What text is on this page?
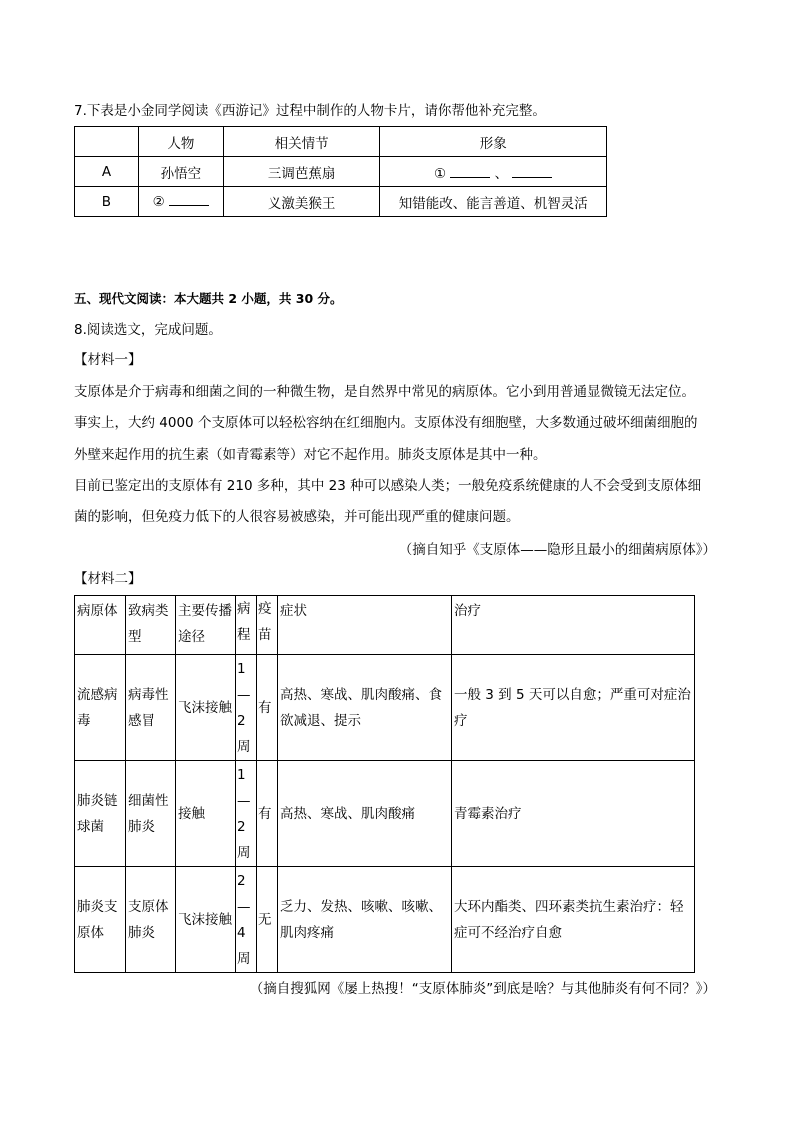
7.下表是小金同学阅读《西游记》过程中制作的人物卡片，请你帮他补充完整。
	人物	相关情节	形象
A	孙悟空	三调芭蕉扇	① 、
B	②	义激美猴王	知错能改、能言善道、机智灵活
五、现代文阅读：本大题共 2 小题，共 30 分。
8.阅读选文，完成问题。
【材料一】
支原体是介于病毒和细菌之间的一种微生物，是自然界中常见的病原体。它小到用普通显微镜无法定位。
事实上，大约 4000 个支原体可以轻松容纳在红细胞内。支原体没有细胞壁，大多数通过破坏细菌细胞的
外壁来起作用的抗生素（如青霉素等）对它不起作用。肺炎支原体是其中一种。
目前已鉴定出的支原体有 210 多种，其中 23 种可以感染人类；一般免疫系统健康的人不会受到支原体细
菌的影响，但免疫力低下的人很容易被感染，并可能出现严重的健康问题。
（摘自知乎《支原体——隐形且最小的细菌病原体》）
【材料二】
病原体	致病类型	主要传播途径	病程	疫苗	症状	治疗
流感病毒	病毒性感冒	飞沫接触	1—2周	有	高热、寒战、肌肉酸痛、食欲减退、提示	一般 3 到 5 天可以自愈；严重可对症治疗
肺炎链球菌	细菌性肺炎	接触	1—2周	有	高热、寒战、肌肉酸痛	青霉素治疗
肺炎支原体	支原体肺炎	飞沫接触	2—4周	无	乏力、发热、咳嗽、咳嗽、肌肉疼痛	大环内酯类、四环素类抗生素治疗：轻症可不经治疗自愈
（摘自搜狐网《屡上热搜！“支原体肺炎”到底是啥？与其他肺炎有何不同？》）
